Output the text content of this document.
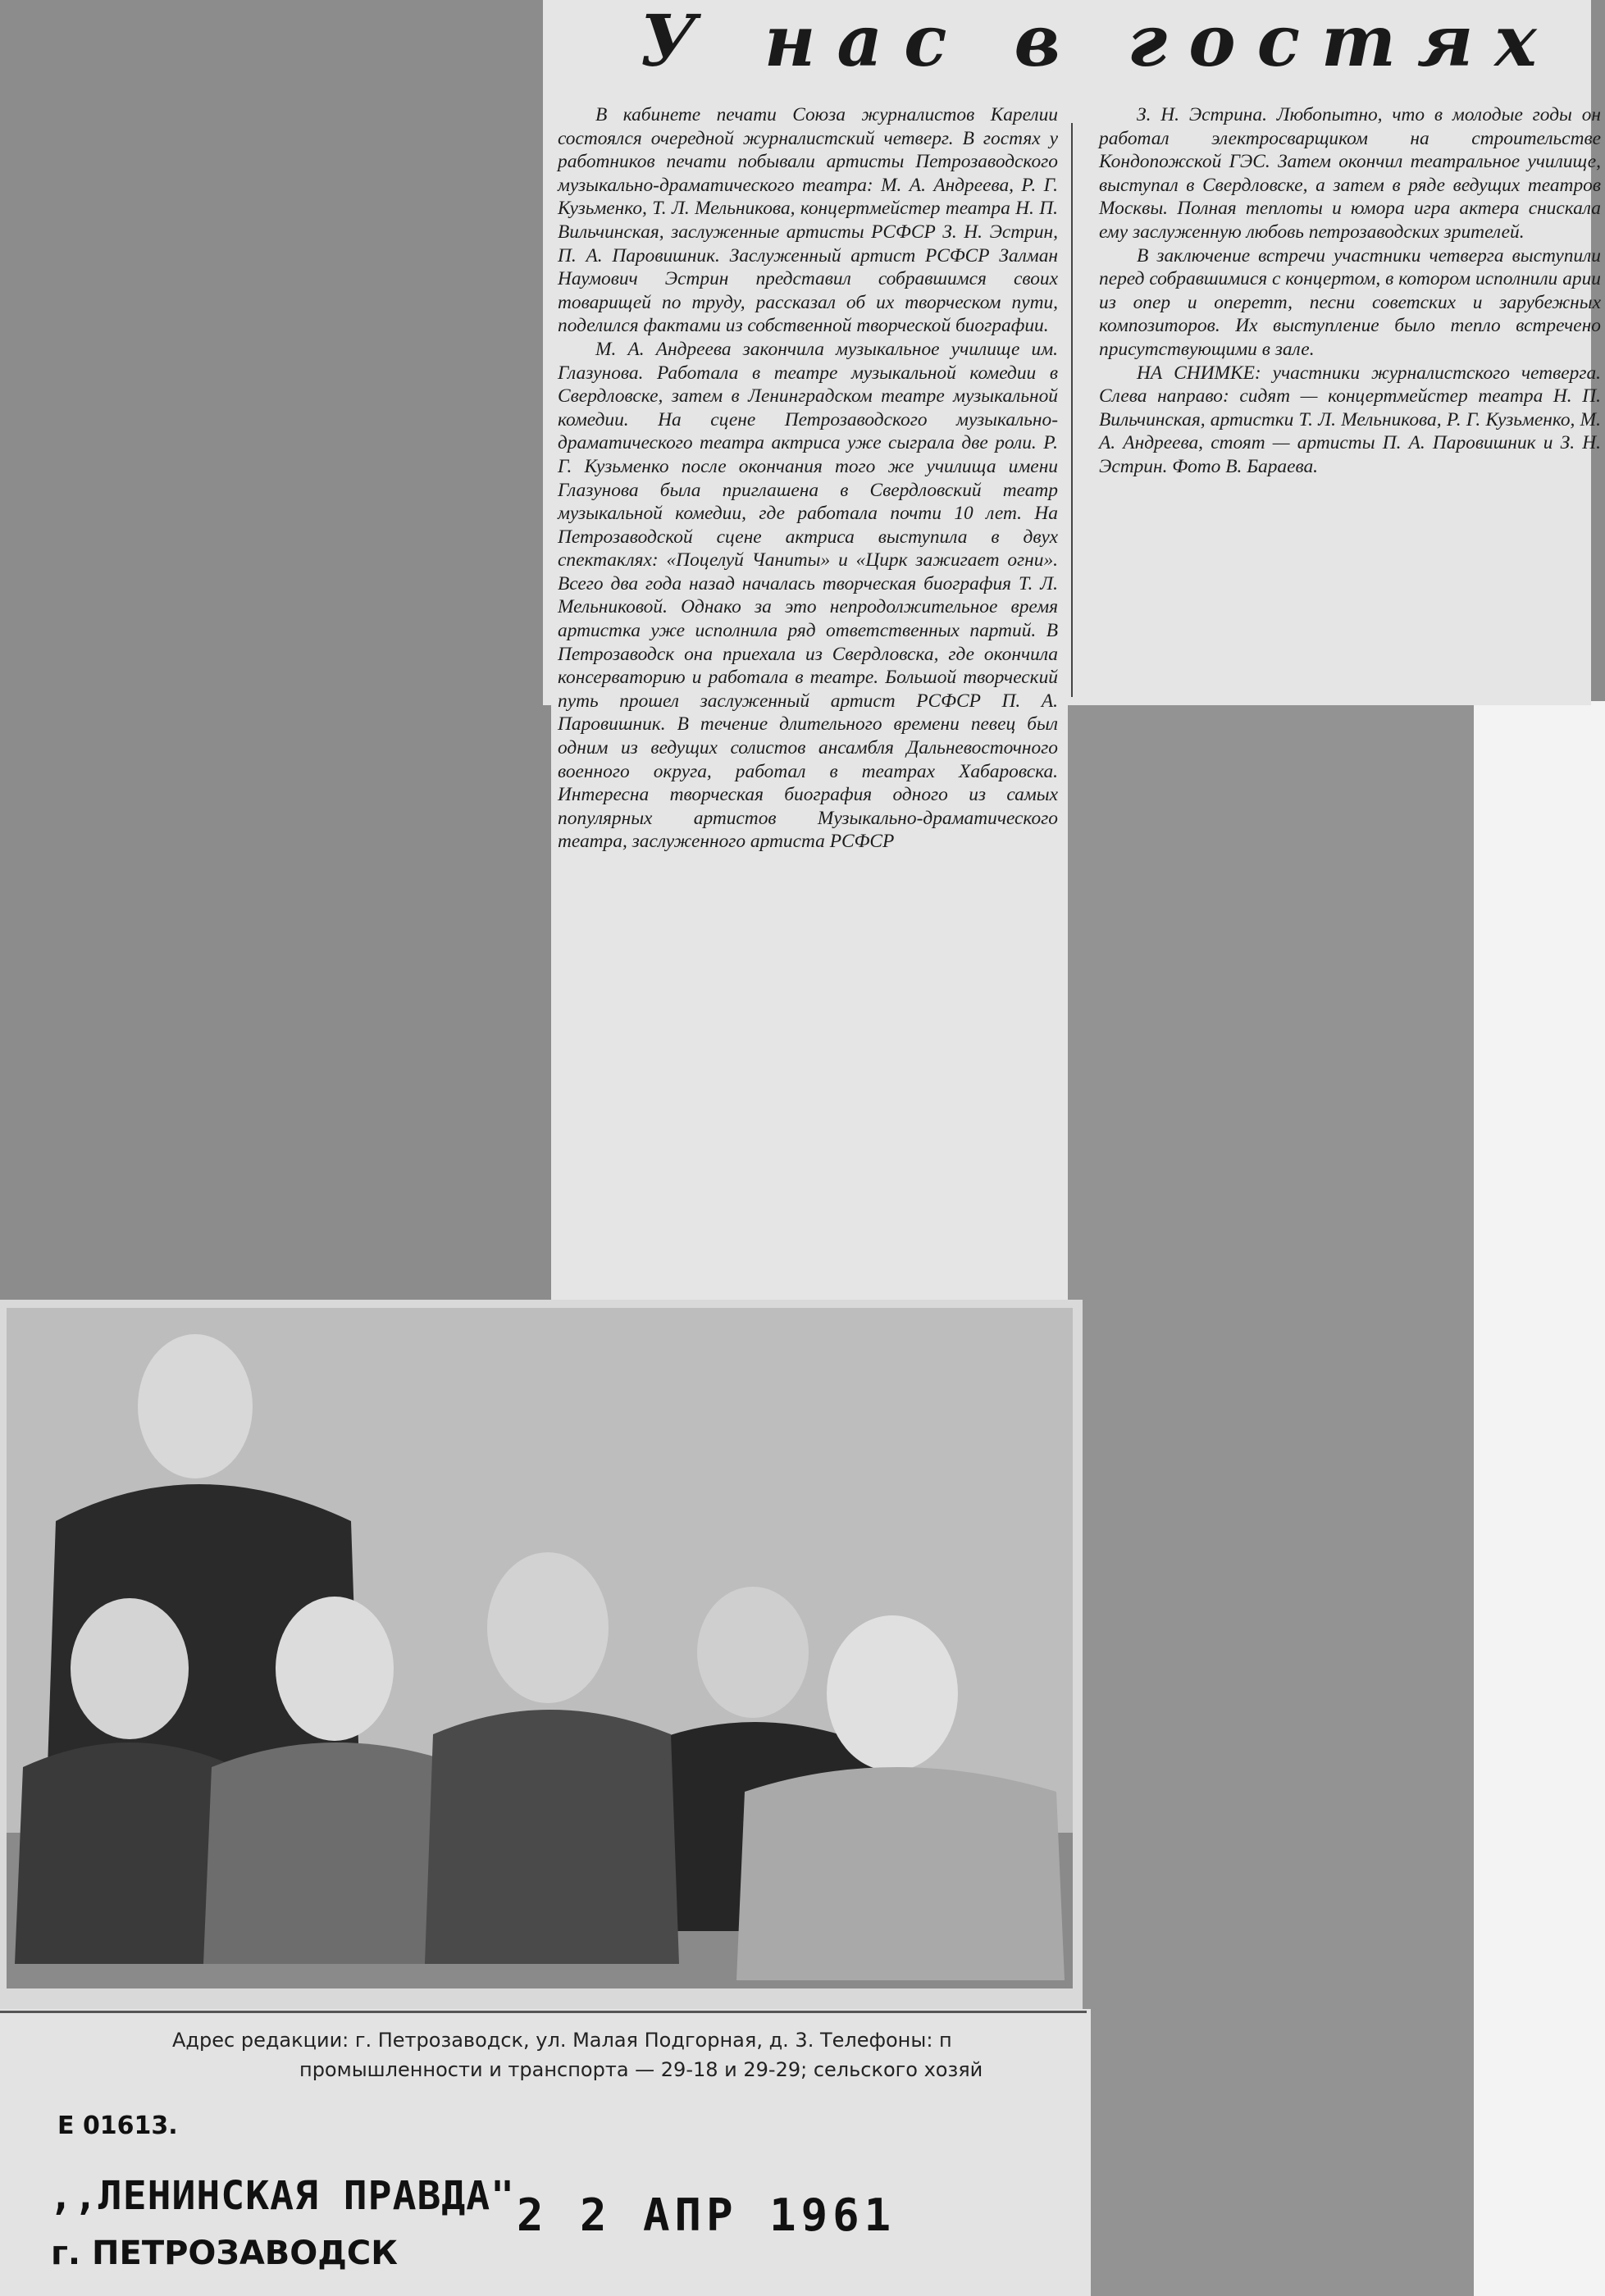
У нас в гостях

В кабинете печати Союза журналистов Карелии состоялся очередной журналистский четверг. В гостях у работников печати побывали артисты Петрозаводского музыкально-драматического театра: М. А. Андреева, Р. Г. Кузьменко, Т. Л. Мельникова, концертмейстер театра Н. П. Вильчинская, заслуженные артисты РСФСР З. Н. Эстрин, П. А. Паровишник. Заслуженный артист РСФСР Залман Наумович Эстрин представил собравшимся своих товарищей по труду, рассказал об их творческом пути, поделился фактами из собственной творческой биографии.

М. А. Андреева закончила музыкальное училище им. Глазунова. Работала в театре музыкальной комедии в Свердловске, затем в Ленинградском театре музыкальной комедии. На сцене Петрозаводского музыкально-драматического театра актриса уже сыграла две роли. Р. Г. Кузьменко после окончания того же училища имени Глазунова была приглашена в Свердловский театр музыкальной комедии, где работала почти 10 лет. На Петрозаводской сцене актриса выступила в двух спектаклях: «Поцелуй Чаниты» и «Цирк зажигает огни». Всего два года назад началась творческая биография Т. Л. Мельниковой. Однако за это непродолжительное время артистка уже исполнила ряд ответственных партий. В Петрозаводск она приехала из Свердловска, где окончила консерваторию и работала в театре. Большой творческий путь прошел заслуженный артист РСФСР П. А. Паровишник. В течение длительного времени певец был одним из ведущих солистов ансамбля Дальневосточного военного округа, работал в театрах Хабаровска. Интересна творческая биография одного из самых популярных артистов Музыкально-драматического театра, заслуженного артиста РСФСР

З. Н. Эстрина. Любопытно, что в молодые годы он работал электросварщиком на строительстве Кондопожской ГЭС. Затем окончил театральное училище, выступал в Свердловске, а затем в ряде ведущих театров Москвы. Полная теплоты и юмора игра актера снискала ему заслуженную любовь петрозаводских зрителей.

В заключение встречи участники четверга выступили перед собравшимися с концертом, в котором исполнили арии из опер и оперетт, песни советских и зарубежных композиторов. Их выступление было тепло встречено присутствующими в зале.

НА СНИМКЕ: участники журналистского четверга. Слева направо: сидят — концертмейстер театра Н. П. Вильчинская, артистки Т. Л. Мельникова, Р. Г. Кузьменко, М. А. Андреева, стоят — артисты П. А. Паровишник и З. Н. Эстрин. Фото В. Бараева.

Адрес редакции: г. Петрозаводск, ул. Малая Подгорная, д. 3. Телефоны: п
промышленности и транспорта — 29-18 и 29-29; сельского хозяй
Е 01613.
,,ЛЕНИНСКАЯ ПРАВДА"
г. ПЕТРОЗАВОДСК
2 2 АПР 1961
